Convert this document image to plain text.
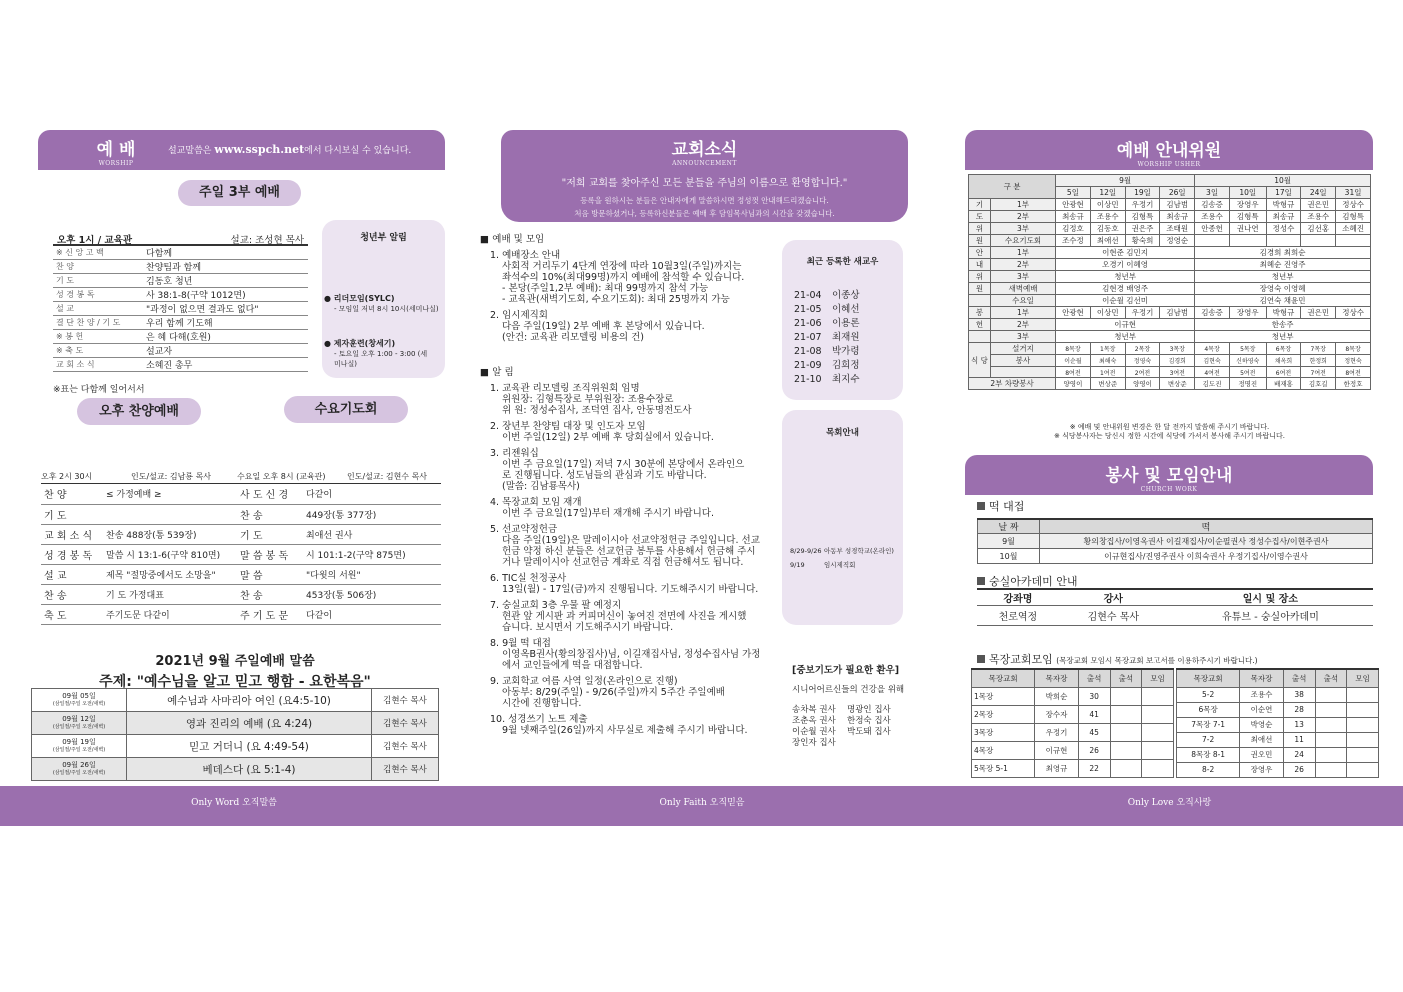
예 배
WORSHIP
설교말씀은 www.sspch.net에서 다시보실 수 있습니다.
주일 3부 예배
오후 1시 / 교육관	설교: 조성현 목사
※ 신 앙 고 백	다함께
찬 양	찬양팀과 함께
기 도	김동호 청년
성 경 봉 독	사 38:1-8(구약 1012면)
설 교	"과정이 없으면 결과도 없다"
결 단 찬 양 / 기 도	우리 함께 기도해
※ 봉 헌	은 혜 다해(호원)
※ 축 도	설교자
교 회 소 식	소혜진 총무
※표는 다함께 일어서서
청년부 알림
● 리더모임(SYLC)
- 모임일 저녁 8시 10시(세미나실)
● 제자훈련(창세기)
- 토요일 오후 1:00 - 3:00 (세미나실)
오후 찬양예배	수요기도회
오후 2시 30시	인도/설교: 김남룡 목사	수요일 오후 8시 (교육관)	인도/설교: 김현수 목사
찬 양	≤ 가정예배 ≥	사 도 신 경	다같이
기 도		찬 송	449장(통 377장)
교 회 소 식	찬송 488장(통 539장)	기 도	최애선 권사
성 경 봉 독	말씀 시 13:1-6(구약 810면)	말 씀 봉 독	시 101:1-2(구약 875면)
설 교	제목 "절망중에서도 소망을"	말 씀	"다윗의 서원"
찬 송	기 도 가정대표	찬 송	453장(통 506장)
축 도	주기도문 다같이	주 기 도 문	다같이
2021년 9월 주일예배 말씀
주제: "예수님을 알고 믿고 행함 - 요한복음"
09월 05일
(삼일절/주일 오전/새벽)	예수님과 사마리아 여인 (요4:5-10)	김현수 목사

09월 12일
(삼일절/주일 오전/새벽)	영과 진리의 예배 (요 4:24)	김현수 목사

09월 19일
(삼일절/주일 오전/새벽)	믿고 거더니 (요 4:49-54)	김현수 목사

09월 26일
(삼일절/주일 오전/새벽)	베데스다 (요 5:1-4)	김현수 목사
교회소식
ANNOUNCEMENT
"저희 교회를 찾아주신 모든 분들을 주님의 이름으로 환영합니다."
등록을 원하시는 분들은 안내자에게 말씀하시면 정성껏 안내해드리겠습니다.
처음 방문하셨거나, 등록하신분들은 예배 후 담임목사님과의 시간을 갖겠습니다.

■ 예배 및 모임

1. 예배장소 안내

사회적 거리두기 4단계 연장에 따라 10월3일(주일)까지는

좌석수의 10%(최대99명)까지 예배에 참석할 수 있습니다.

- 본당(주일1,2부 예배): 최대 99명까지 참석 가능

- 교육관(새벽기도회, 수요기도회): 최대 25명까지 가능

2. 임시제직회

다음 주일(19일) 2부 예배 후 본당에서 있습니다.

(안건: 교육관 리모델링 비용의 건)

■ 알 림

1. 교육관 리모델링 조직위원회 임명

위원장: 김형특장로 부위원장: 조용수장로

위 원: 정성수집사, 조덕연 집사, 안동명전도사

2. 장년부 찬양팀 대장 및 인도자 모임

이번 주일(12일) 2부 예배 후 당회실에서 있습니다.

3. 리젠워십

이번 주 금요일(17일) 저녁 7시 30분에 본당에서 온라인으

로 진행됩니다. 성도님들의 관심과 기도 바랍니다.

(말씀: 김남룡목사)

4. 목장교회 모임 재개

이번 주 금요일(17일)부터 재개해 주시기 바랍니다.

5. 선교약정헌금

다음 주일(19일)은 말레이시아 선교약정헌금 주일입니다. 선교

헌금 약정 하신 분들은 선교헌금 봉투를 사용해서 헌금해 주시

거나 말레이시아 선교헌금 계좌로 직접 헌금해셔도 됩니다.

6. TIC실 천정공사

13일(월) - 17일(금)까지 진행됩니다. 기도해주시기 바랍니다.

7. 숭실교회 3층 우물 팔 예정지

현관 앞 게시판 과 커피머신이 놓여진 전면에 사진을 게시했

습니다. 보시면서 기도해주시기 바랍니다.

8. 9월 떡 대접

이영옥B권사(황의창집사)님, 이길재집사님, 정성수집사님 가정

에서 교인들에게 떡을 대접합니다.

9. 교회학교 여름 사역 일정(온라인으로 진행)

아동부: 8/29(주일) - 9/26(주일)까지 5주간 주일예배

시간에 진행합니다.

10. 성경쓰기 노트 제출

9월 넷째주일(26일)까지 사무실로 제출해 주시기 바랍니다.

최근 등록한 새교우
21-04 이종상
21-05 이혜선
21-06 이용론
21-07 최재원
21-08 박가령
21-09 김희정
21-10 최지수
목회안내
8/29-9/26 아동부 성경학교(온라인)
9/19	임시제직회
[중보기도가 필요한 환우]
시니어어르신들의 건강을 위해
송차복 권사 명광인 집사
조춘옥 권사 한정숙 집사
이순월 권사 박도돼 집사
장인자 집사
예배 안내위원
WORSHIP USHER
구 분		9월				10월				
		5일	12일	19일	26일	3일	10일	17일	24일	31일
기	1부	안광현	이상민	우정기	김남범	김송증	장영우	박형규	권은민	정상수
도	2부	최송규	조용수	김형특	최송규	조용수	김형특	최송규	조용수	김형특
위	3부	김정호	김동호	권은주	조태원	안종헌	권나연	정성수	김선홍	소혜진
원	수요기도회	조수정	최애선	황숙희	정영순					
안	1부	이현준 김민지				김경희 최희순				
내	2부	오경기 이혜영				최혜순 진영주				
위	3부	청년부				청년부				
원	새벽예배	김현경 배영주				장영숙 이영혜				
	수요일	이순월 김선미				김연숙 채윤민				
봉	1부	안광현	이상민	우정기	김남범	김송증	장영우	박형규	권은민	정상수
헌	2부	이규현				한송주				
	3부	청년부				청년부				
식 당	설거지	8목장	1목장	2목장	3목장	4목장	5목장	6목장	7목장	8목장
	봉사	이순월	최해숙	정영숙	김경희	김현숙	신하영숙	채옥희	한정희	정현숙
		8여전	1여전	2여전	3여전	4여전	5여전	6여전	7여전	8여전
2부 차량봉사		양영이	변상준	양영이	변상준	김도진	정명진	배재홍	김호길	한정호
※ 예배 및 안내위원 변경은 한 달 전까지 말씀해 주시기 바랍니다.
※ 식당봉사자는 당신시 정한 시간에 식당에 가셔서 봉사해 주시기 바랍니다.
봉사 및 모임안내
CHURCH WORK
떡 대접
날 짜	떡
9월	황의창집사/이영옥권사 이길재집사/이순필권사 정성수집사/이현주권사
10월	이규현집사/진영주권사 이희숙권사 우정기집사/이영수권사
숭실아카데미 안내
강좌명	강사	일시 및 장소
천로역정	김현수 목사	유튜브 - 숭실아카데미
목장교회모임 (목장교회 모임시 목장교회 보고서를 이용하주시기 바랍니다.)
목장교회	목자장	출석	출석	모임
1목장	박희순	30		
2목장	장수자	41		
3목장	우정기	45		
4목장	이규현	26		
5목장 5-1	최영규	22		
목장교회	목자장	출석	출석	모임
5-2	조용수	38		
6목장	이순연	28		
7목장 7-1	박영순	13		
7-2	최애선	11		
8목장 8-1	권오민	24		
8-2	장영우	26		
Only Word 오직말씀	Only Faith 오직믿음	Only Love 오직사랑
